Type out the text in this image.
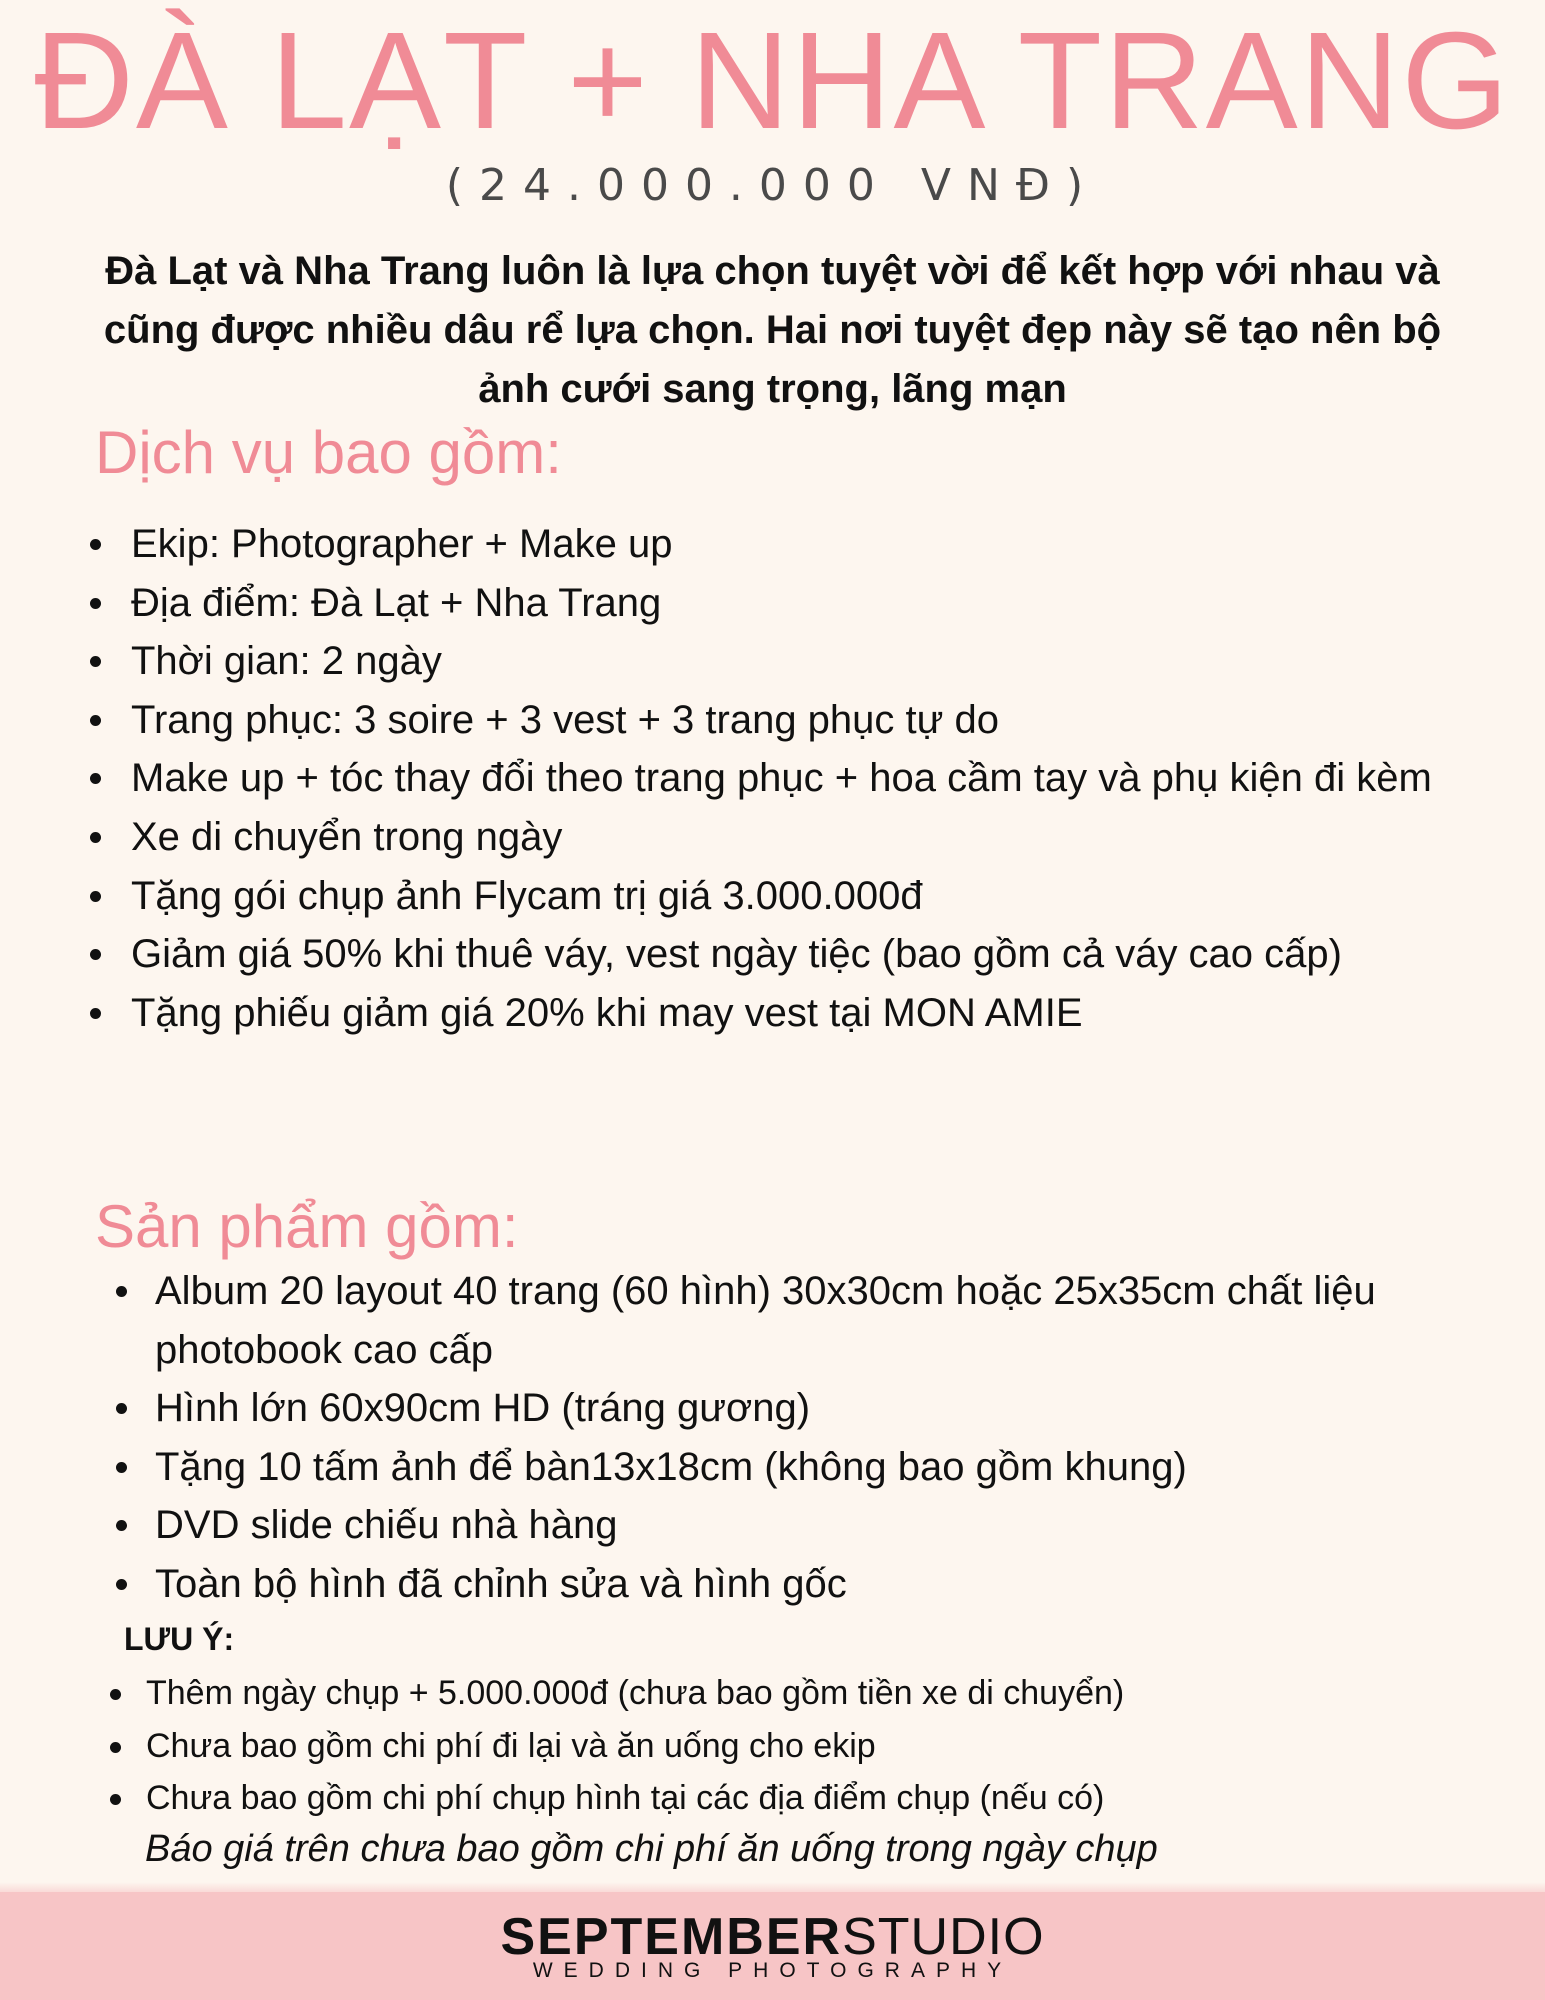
ĐÀ LẠT + NHA TRANG
(24.000.000 VNĐ)
Đà Lạt và Nha Trang luôn là lựa chọn tuyệt vời để kết hợp với nhau và cũng được nhiều dâu rể lựa chọn. Hai nơi tuyệt đẹp này sẽ tạo nên bộ ảnh cưới sang trọng, lãng mạn
Dịch vụ bao gồm:
Ekip: Photographer + Make up
Địa điểm: Đà Lạt + Nha Trang
Thời gian: 2 ngày
Trang phục: 3 soire + 3 vest + 3 trang phục tự do
Make up + tóc thay đổi theo trang phục + hoa cầm tay và phụ kiện đi kèm
Xe di chuyển trong ngày
Tặng gói chụp ảnh Flycam trị giá 3.000.000đ
Giảm giá 50% khi thuê váy, vest ngày tiệc (bao gồm cả váy cao cấp)
Tặng phiếu giảm giá 20% khi may vest tại MON AMIE
Sản phẩm gồm:
Album 20 layout 40 trang (60 hình) 30x30cm hoặc 25x35cm chất liệu photobook cao cấp
Hình lớn 60x90cm HD (tráng gương)
Tặng 10 tấm ảnh để bàn13x18cm (không bao gồm khung)
DVD slide chiếu nhà hàng
Toàn bộ hình đã chỉnh sửa và hình gốc
LƯU Ý:
Thêm ngày chụp + 5.000.000đ (chưa bao gồm tiền xe di chuyển)
Chưa bao gồm chi phí đi lại và ăn uống cho ekip
Chưa bao gồm chi phí chụp hình tại các địa điểm chụp (nếu có)
Báo giá trên chưa bao gồm chi phí ăn uống trong ngày chụp
SEPTEMBERSTUDIO
WEDDING PHOTOGRAPHY
